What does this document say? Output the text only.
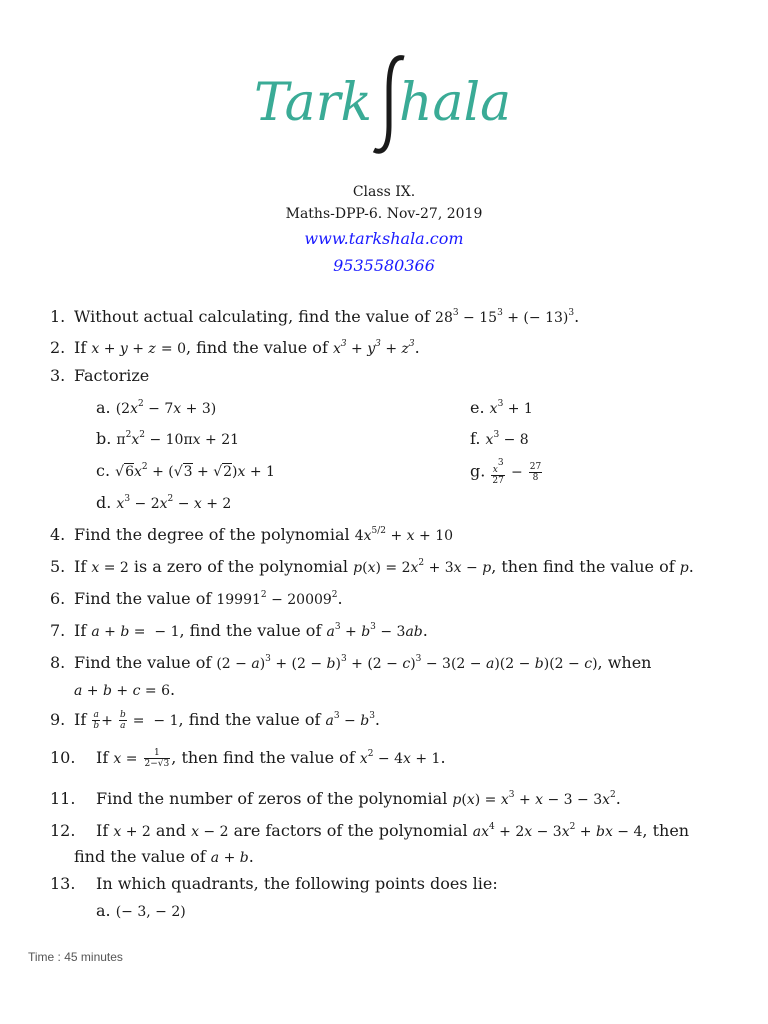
Tark hala
Class IX.
Maths-DPP-6. Nov-27, 2019
www.tarkshala.com
9535580366
1. Without actual calculating, find the value of $28^3 - 15^3$ + (− 13)$^3$.
2. If x + y + z = 0, find the value of $x^3 + y^3 + z^3$.
3. Factorize
a. $(2x^2 - 7x + 3)$
b. $\pi^2x^2 - 10\pi x + 21$
c. $√6x^2 + (√3 + √2)x + 1$
d. $x^3 - 2x^2 - x + 2$
e. $x^3 + 1$
f. $x^3 - 8$
g. $\frac{x^3}{27} - \frac{27}{8}$
4. Find the degree of the polynomial $4x^{5/2} + x + 10$
5. If x = 2 is a zero of the polynomial $p(x) = 2x^2 + 3x - p$, then find the value of p.
6. Find the value of $19991^2 - 20009^2$.
7. If a + b =  − 1, find the value of $a^3 + b^3 - 3ab$.
8. Find the value of $(2 - a)^3 + (2 - b)^3 + (2 - c)^3 - 3(2 - a)(2 - b)(2 - c)$, when
a + b + c = 6.
9. If $\frac{a}{b} + \frac{b}{a}$ =  − 1, find the value of $a^3 - b^3$.
10. If $x = \frac{1}{2-√3}$ , then find the value of $x^2 - 4x + 1$.
11. Find the number of zeros of the polynomial $p(x) = x^3 + x - 3 - 3x^2$.
12. If x + 2 and x − 2 are factors of the polynomial $ax^4 + 2x - 3x^2$ + bx − 4, then
find the value of a + b.
13. In which quadrants, the following points does lie:
a. (− 3, − 2)
Time : 45 minutes
